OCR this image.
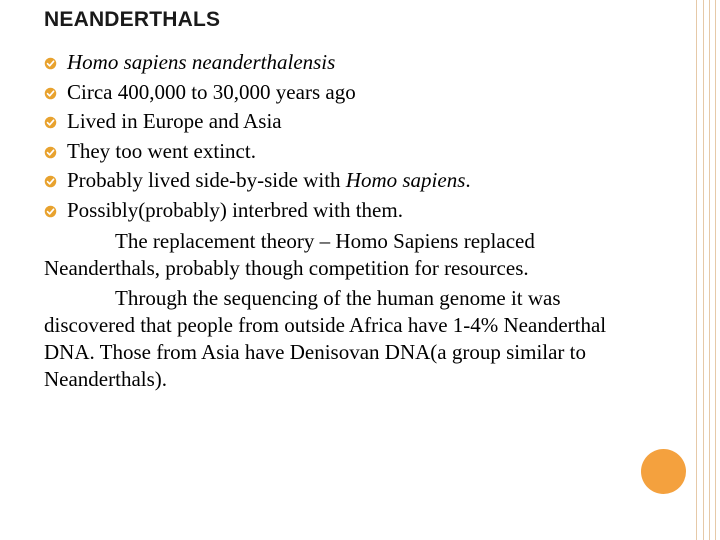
NEANDERTHALS
Homo sapiens neanderthalensis
Circa 400,000 to 30,000 years ago
Lived in Europe and Asia
They too went extinct.
Probably lived side-by-side with Homo sapiens.
Possibly(probably) interbred with them.

The replacement theory – Homo Sapiens replaced Neanderthals, probably though competition for resources.

Through the sequencing of the human genome it was discovered that people from outside Africa have 1-4% Neanderthal DNA. Those from Asia have Denisovan DNA(a group similar to Neanderthals).
